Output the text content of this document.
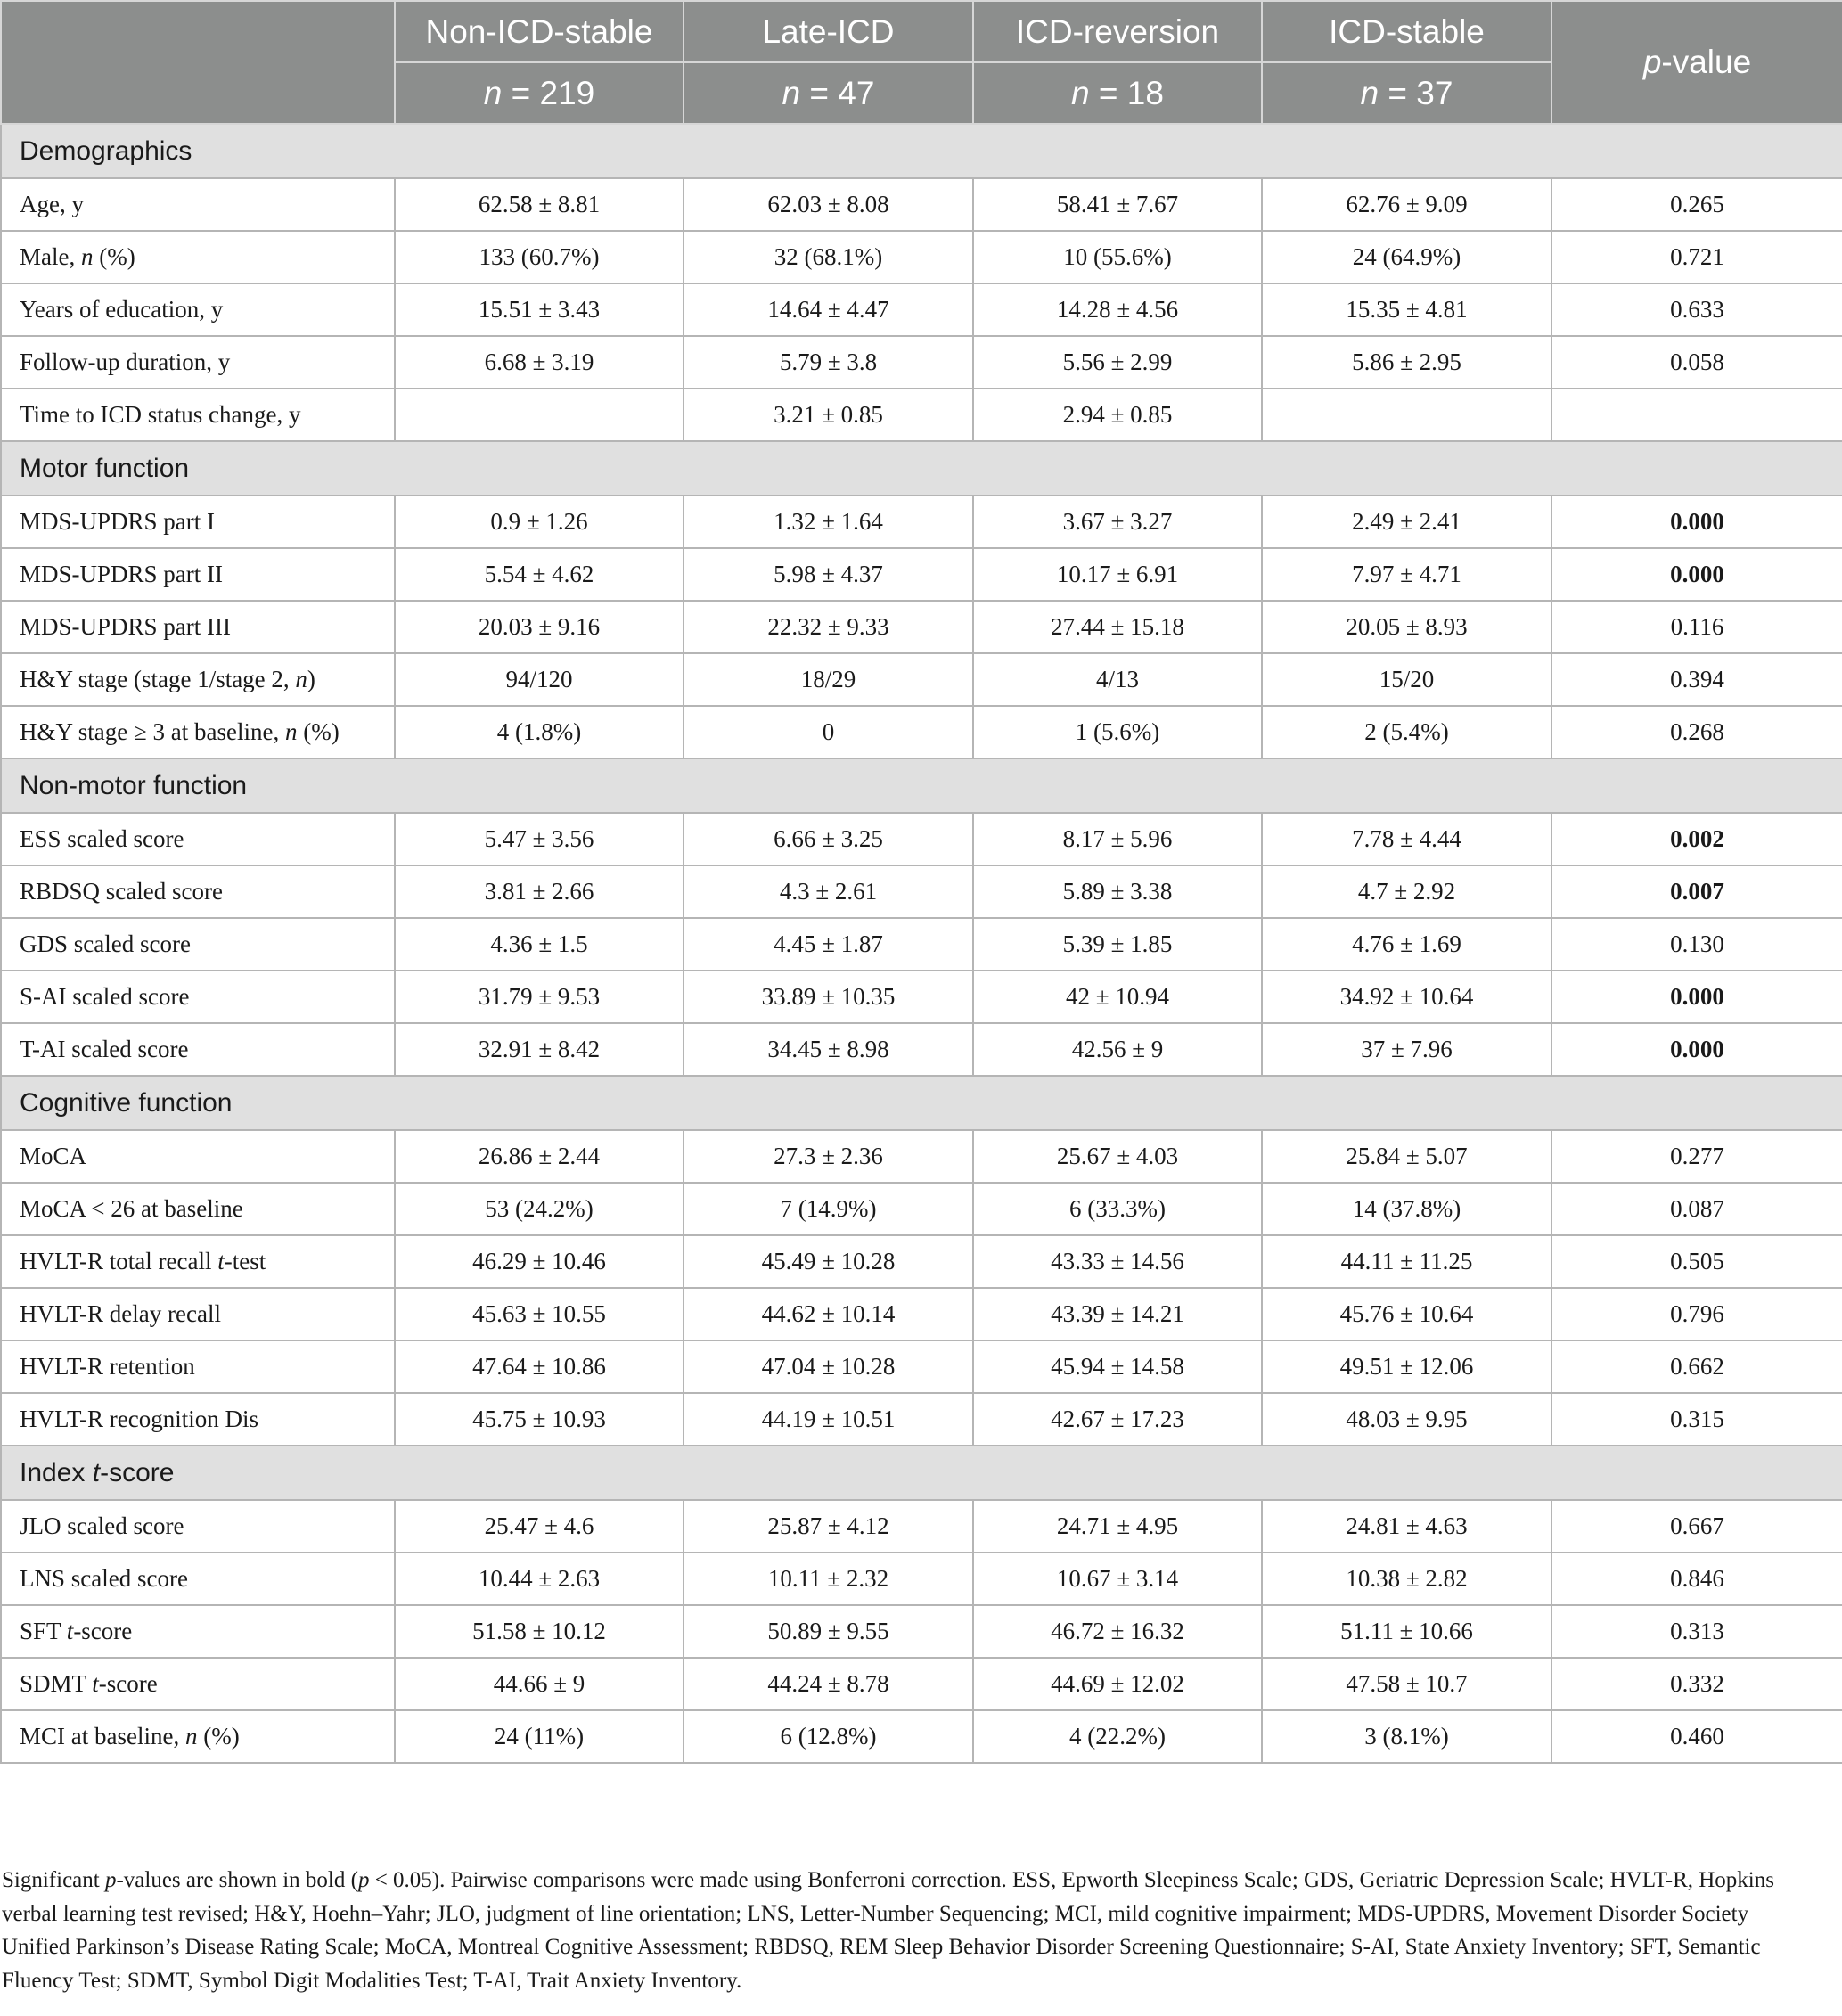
	Non-ICD-stable	Late-ICD	ICD-reversion	ICD-stable	p-value
	n = 219	n = 47	n = 18	n = 37	
Demographics					
Age, y	62.58 ± 8.81	62.03 ± 8.08	58.41 ± 7.67	62.76 ± 9.09	0.265
Male, n (%)	133 (60.7%)	32 (68.1%)	10 (55.6%)	24 (64.9%)	0.721
Years of education, y	15.51 ± 3.43	14.64 ± 4.47	14.28 ± 4.56	15.35 ± 4.81	0.633
Follow-up duration, y	6.68 ± 3.19	5.79 ± 3.8	5.56 ± 2.99	5.86 ± 2.95	0.058
Time to ICD status change, y		3.21 ± 0.85	2.94 ± 0.85		
Motor function					
MDS-UPDRS part I	0.9 ± 1.26	1.32 ± 1.64	3.67 ± 3.27	2.49 ± 2.41	0.000
MDS-UPDRS part II	5.54 ± 4.62	5.98 ± 4.37	10.17 ± 6.91	7.97 ± 4.71	0.000
MDS-UPDRS part III	20.03 ± 9.16	22.32 ± 9.33	27.44 ± 15.18	20.05 ± 8.93	0.116
H&Y stage (stage 1/stage 2, n)	94/120	18/29	4/13	15/20	0.394
H&Y stage ≥ 3 at baseline, n (%)	4 (1.8%)	0	1 (5.6%)	2 (5.4%)	0.268
Non-motor function					
ESS scaled score	5.47 ± 3.56	6.66 ± 3.25	8.17 ± 5.96	7.78 ± 4.44	0.002
RBDSQ scaled score	3.81 ± 2.66	4.3 ± 2.61	5.89 ± 3.38	4.7 ± 2.92	0.007
GDS scaled score	4.36 ± 1.5	4.45 ± 1.87	5.39 ± 1.85	4.76 ± 1.69	0.130
S-AI scaled score	31.79 ± 9.53	33.89 ± 10.35	42 ± 10.94	34.92 ± 10.64	0.000
T-AI scaled score	32.91 ± 8.42	34.45 ± 8.98	42.56 ± 9	37 ± 7.96	0.000
Cognitive function					
MoCA	26.86 ± 2.44	27.3 ± 2.36	25.67 ± 4.03	25.84 ± 5.07	0.277
MoCA < 26 at baseline	53 (24.2%)	7 (14.9%)	6 (33.3%)	14 (37.8%)	0.087
HVLT-R total recall t-test	46.29 ± 10.46	45.49 ± 10.28	43.33 ± 14.56	44.11 ± 11.25	0.505
HVLT-R delay recall	45.63 ± 10.55	44.62 ± 10.14	43.39 ± 14.21	45.76 ± 10.64	0.796
HVLT-R retention	47.64 ± 10.86	47.04 ± 10.28	45.94 ± 14.58	49.51 ± 12.06	0.662
HVLT-R recognition Dis	45.75 ± 10.93	44.19 ± 10.51	42.67 ± 17.23	48.03 ± 9.95	0.315
Index t-score					
JLO scaled score	25.47 ± 4.6	25.87 ± 4.12	24.71 ± 4.95	24.81 ± 4.63	0.667
LNS scaled score	10.44 ± 2.63	10.11 ± 2.32	10.67 ± 3.14	10.38 ± 2.82	0.846
SFT t-score	51.58 ± 10.12	50.89 ± 9.55	46.72 ± 16.32	51.11 ± 10.66	0.313
SDMT t-score	44.66 ± 9	44.24 ± 8.78	44.69 ± 12.02	47.58 ± 10.7	0.332
MCI at baseline, n (%)	24 (11%)	6 (12.8%)	4 (22.2%)	3 (8.1%)	0.460
Significant p-values are shown in bold (p < 0.05). Pairwise comparisons were made using Bonferroni correction. ESS, Epworth Sleepiness Scale; GDS, Geriatric Depression Scale; HVLT-R, Hopkins verbal learning test revised; H&Y, Hoehn–Yahr; JLO, judgment of line orientation; LNS, Letter-Number Sequencing; MCI, mild cognitive impairment; MDS-UPDRS, Movement Disorder Society Unified Parkinson’s Disease Rating Scale; MoCA, Montreal Cognitive Assessment; RBDSQ, REM Sleep Behavior Disorder Screening Questionnaire; S-AI, State Anxiety Inventory; SFT, Semantic Fluency Test; SDMT, Symbol Digit Modalities Test; T-AI, Trait Anxiety Inventory.
